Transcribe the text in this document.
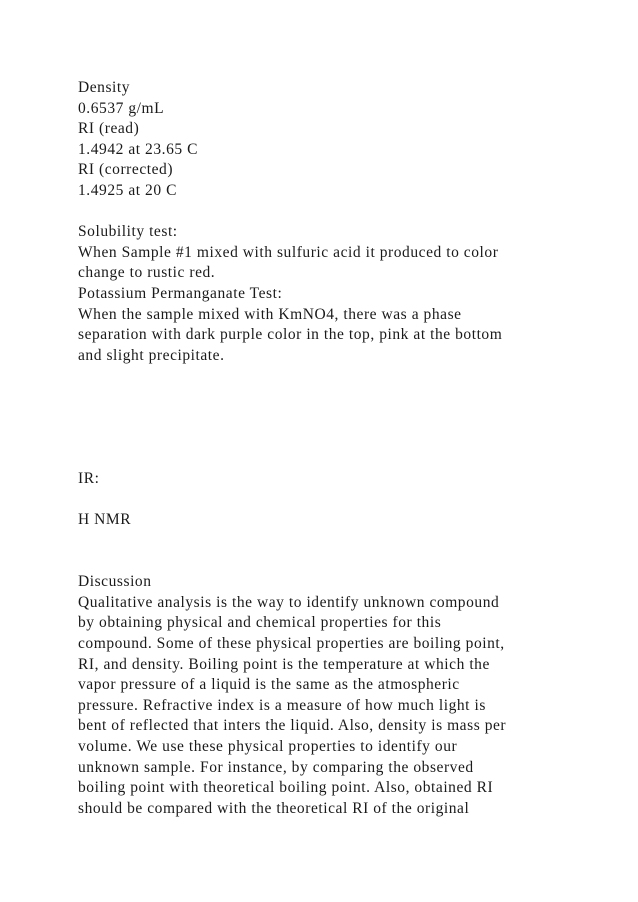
Density
0.6537 g/mL
RI (read)
1.4942 at 23.65 C
RI (corrected)
1.4925 at 20 C
Solubility test:
When Sample #1 mixed with sulfuric acid it produced to color
change to rustic red.
Potassium Permanganate Test:
When the sample mixed with KmNO4, there was a phase
separation with dark purple color in the top, pink at the bottom
and slight precipitate.
IR:
H NMR
Discussion
Qualitative analysis is the way to identify unknown compound
by obtaining physical and chemical properties for this
compound. Some of these physical properties are boiling point,
RI, and density. Boiling point is the temperature at which the
vapor pressure of a liquid is the same as the atmospheric
pressure. Refractive index is a measure of how much light is
bent of reflected that inters the liquid. Also, density is mass per
volume. We use these physical properties to identify our
unknown sample. For instance, by comparing the observed
boiling point with theoretical boiling point. Also, obtained RI
should be compared with the theoretical RI of the original
